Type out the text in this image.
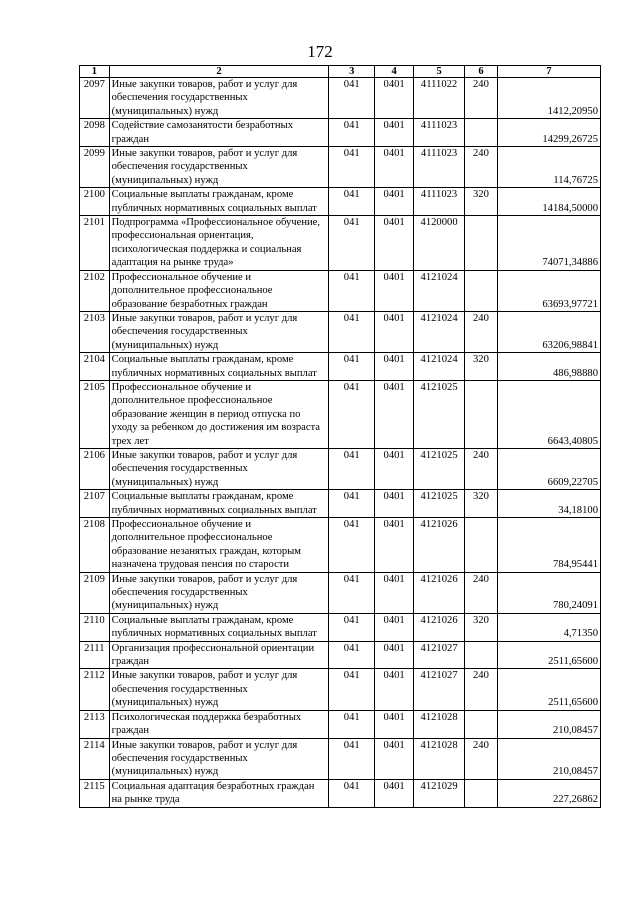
172
1	2	3	4	5	6	7
2097	Иные закупки товаров, работ и услуг для обеспечения государственных (муниципальных) нужд	041	0401	4111022	240	1412,20950
2098	Содействие самозанятости безработных граждан	041	0401	4111023		14299,26725
2099	Иные закупки товаров, работ и услуг для обеспечения государственных (муниципальных) нужд	041	0401	4111023	240	114,76725
2100	Социальные выплаты гражданам, кроме публичных нормативных социальных выплат	041	0401	4111023	320	14184,50000
2101	Подпрограмма «Профессиональное обучение, профессиональная ориентация, психологическая поддержка и социальная адаптация на рынке труда»	041	0401	4120000		74071,34886
2102	Профессиональное обучение и дополнительное профессиональное образование безработных граждан	041	0401	4121024		63693,97721
2103	Иные закупки товаров, работ и услуг для обеспечения государственных (муниципальных) нужд	041	0401	4121024	240	63206,98841
2104	Социальные выплаты гражданам, кроме публичных нормативных социальных выплат	041	0401	4121024	320	486,98880
2105	Профессиональное обучение и дополнительное профессиональное образование женщин в период отпуска по уходу за ребенком до достижения им возраста трех лет	041	0401	4121025		6643,40805
2106	Иные закупки товаров, работ и услуг для обеспечения государственных (муниципальных) нужд	041	0401	4121025	240	6609,22705
2107	Социальные выплаты гражданам, кроме публичных нормативных социальных выплат	041	0401	4121025	320	34,18100
2108	Профессиональное обучение и дополнительное профессиональное образование незанятых граждан, которым назначена трудовая пенсия по старости	041	0401	4121026		784,95441
2109	Иные закупки товаров, работ и услуг для обеспечения государственных (муниципальных) нужд	041	0401	4121026	240	780,24091
2110	Социальные выплаты гражданам, кроме публичных нормативных социальных выплат	041	0401	4121026	320	4,71350
2111	Организация профессиональной ориентации граждан	041	0401	4121027		2511,65600
2112	Иные закупки товаров, работ и услуг для обеспечения государственных (муниципальных) нужд	041	0401	4121027	240	2511,65600
2113	Психологическая поддержка безработных граждан	041	0401	4121028		210,08457
2114	Иные закупки товаров, работ и услуг для обеспечения государственных (муниципальных) нужд	041	0401	4121028	240	210,08457
2115	Социальная адаптация безработных граждан на рынке труда	041	0401	4121029		227,26862
